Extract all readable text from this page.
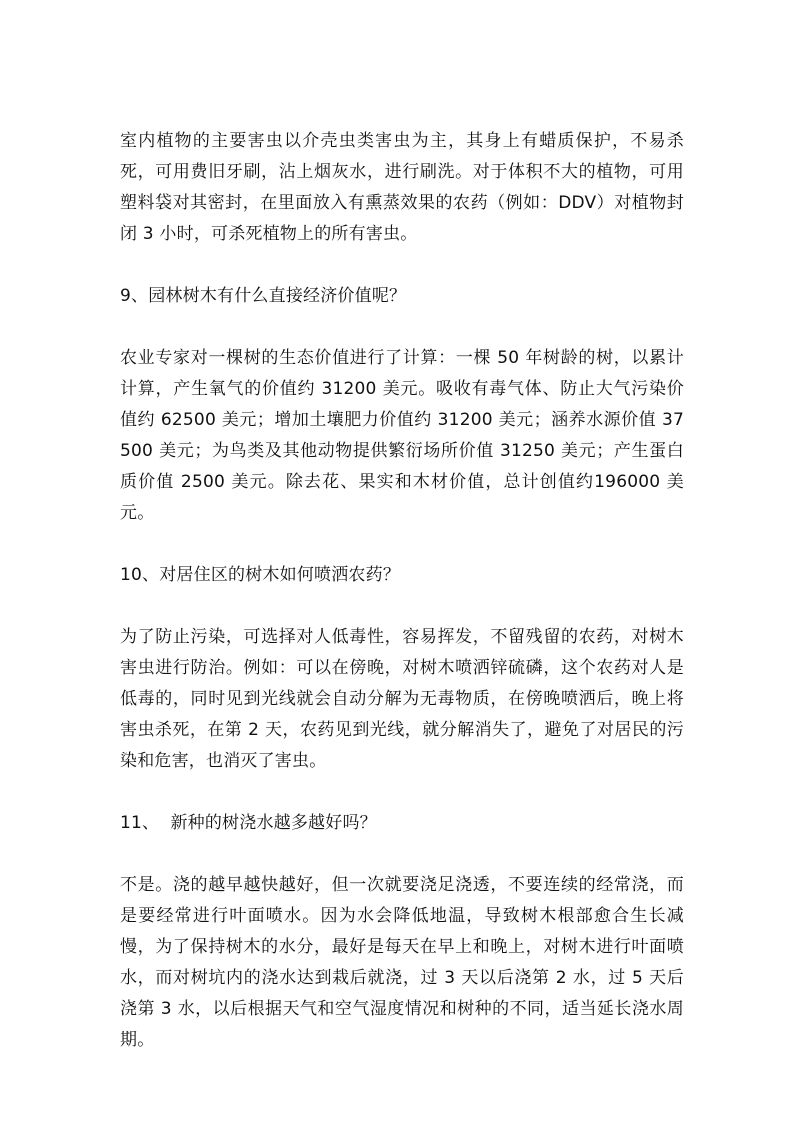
室内植物的主要害虫以介壳虫类害虫为主，其身上有蜡质保护，不易杀死，可用费旧牙刷，沾上烟灰水，进行刷洗。对于体积不大的植物，可用塑料袋对其密封，在里面放入有熏蒸效果的农药（例如：DDV）对植物封闭 3 小时，可杀死植物上的所有害虫。

9、园林树木有什么直接经济价值呢？

农业专家对一棵树的生态价值进行了计算：一棵 50 年树龄的树，以累计计算，产生氧气的价值约 31200 美元。吸收有毒气体、防止大气污染价值约 62500 美元；增加土壤肥力价值约 31200 美元；涵养水源价值 37500 美元；为鸟类及其他动物提供繁衍场所价值 31250 美元；产生蛋白质价值 2500 美元。除去花、果实和木材价值，总计创值约196000 美元。

10、对居住区的树木如何喷洒农药？

为了防止污染，可选择对人低毒性，容易挥发，不留残留的农药，对树木害虫进行防治。例如：可以在傍晚，对树木喷洒锌硫磷，这个农药对人是低毒的，同时见到光线就会自动分解为无毒物质，在傍晚喷洒后，晚上将害虫杀死，在第 2 天，农药见到光线，就分解消失了，避免了对居民的污染和危害，也消灭了害虫。

11、  新种的树浇水越多越好吗？

不是。浇的越早越快越好，但一次就要浇足浇透，不要连续的经常浇，而是要经常进行叶面喷水。因为水会降低地温，导致树木根部愈合生长减慢，为了保持树木的水分，最好是每天在早上和晚上，对树木进行叶面喷水，而对树坑内的浇水达到栽后就浇，过 3 天以后浇第 2 水，过 5 天后浇第 3 水，以后根据天气和空气湿度情况和树种的不同，适当延长浇水周期。
